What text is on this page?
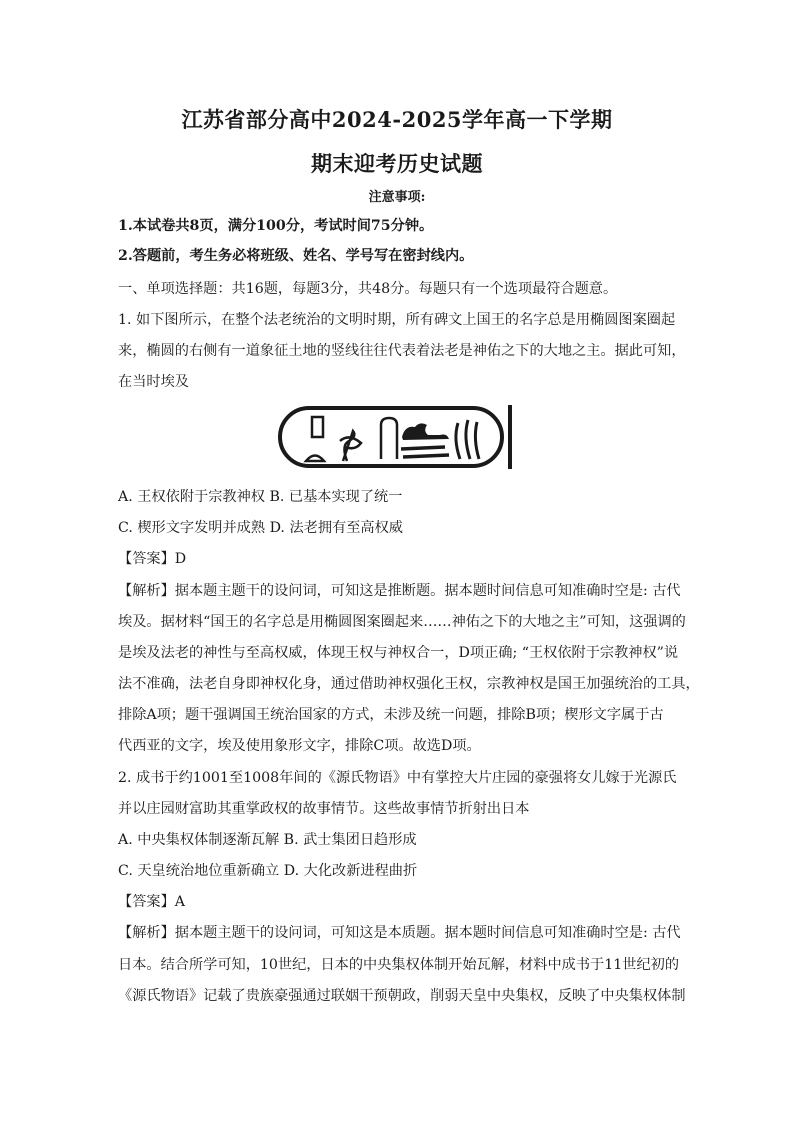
江苏省部分高中2024-2025学年高一下学期
期末迎考历史试题
注意事项:
1.本试卷共8页，满分100分，考试时间75分钟。
2.答题前，考生务必将班级、姓名、学号写在密封线内。
一、单项选择题：共16题，每题3分，共48分。每题只有一个选项最符合题意。
1. 如下图所示，在整个法老统治的文明时期，所有碑文上国王的名字总是用椭圆图案圈起
来，椭圆的右侧有一道象征土地的竖线往往代表着法老是神佑之下的大地之主。据此可知，
在当时埃及
A. 王权依附于宗教神权 B. 已基本实现了统一
C. 楔形文字发明并成熟 D. 法老拥有至高权威
【答案】D
【解析】据本题主题干的设问词，可知这是推断题。据本题时间信息可知准确时空是: 古代
埃及。据材料“国王的名字总是用椭圆图案圈起来……神佑之下的大地之主”可知，这强调的
是埃及法老的神性与至高权威，体现王权与神权合一，D项正确; “王权依附于宗教神权”说
法不准确，法老自身即神权化身，通过借助神权强化王权，宗教神权是国王加强统治的工具，
排除A项；题干强调国王统治国家的方式，未涉及统一问题，排除B项；楔形文字属于古
代西亚的文字，埃及使用象形文字，排除C项。故选D项。
2. 成书于约1001至1008年间的《源氏物语》中有掌控大片庄园的豪强将女儿嫁于光源氏
并以庄园财富助其重掌政权的故事情节。这些故事情节折射出日本
A. 中央集权体制逐渐瓦解 B. 武士集团日趋形成
C. 天皇统治地位重新确立 D. 大化改新进程曲折
【答案】A
【解析】据本题主题干的设问词，可知这是本质题。据本题时间信息可知准确时空是: 古代
日本。结合所学可知，10世纪，日本的中央集权体制开始瓦解，材料中成书于11世纪初的
《源氏物语》记载了贵族豪强通过联姻干预朝政，削弱天皇中央集权，反映了中央集权体制
